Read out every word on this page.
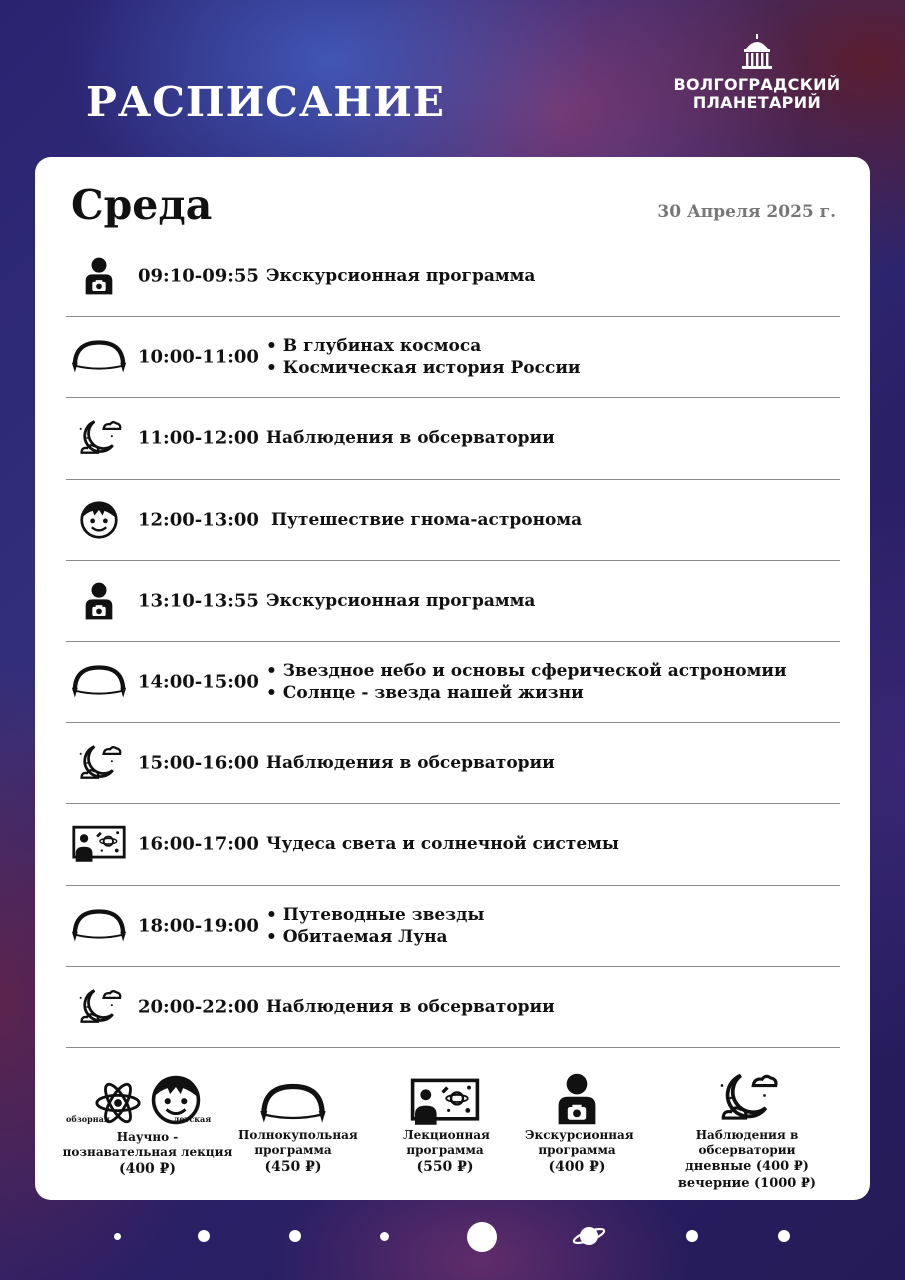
РАСПИСАНИЕ	ВОЛГОГРАДСКИЙ
ПЛАНЕТАРИЙ
Среда	30 Апреля 2025 г.
09:10-09:55 Экскурсионная программа
10:00-11:00
• В глубинах космоса
• Космическая история России
11:00-12:00 Наблюдения в обсерватории
12:00-13:00 Путешествие гнома-астронома
13:10-13:55 Экскурсионная программа
14:00-15:00
• Звездное небо и основы сферической астрономии
• Солнце - звезда нашей жизни
15:00-16:00 Наблюдения в обсерватории
16:00-17:00 Чудеса света и солнечной системы
18:00-19:00
• Путеводные звезды
• Обитаемая Луна
20:00-22:00 Наблюдения в обсерватории
обзорная	детская
Научно - познавательная лекция
(400 ₽)
Полнокупольная программа
(450 ₽)
Лекционная программа
(550 ₽)
Экскурсионная программа
(400 ₽)
Наблюдения в обсерватории
дневные (400 ₽)
вечерние (1000 ₽)
